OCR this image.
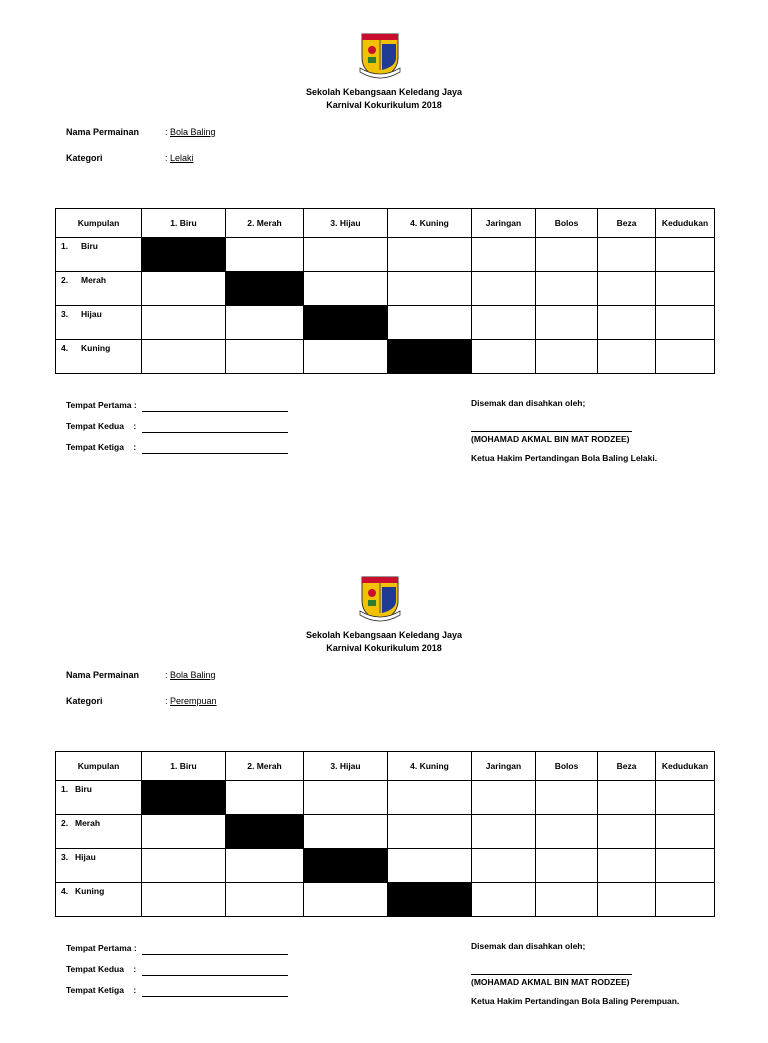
Sekolah Kebangsaan Keledang Jaya
Karnival Kokurikulum 2018
Nama Permainan	: Bola Baling
Kategori	: Lelaki
Kumpulan	1. Biru	2. Merah	3. Hijau	4. Kuning	Jaringan	Bolos	Beza	Kedudukan
1. Biru								
2. Merah								
3. Hijau								
4. Kuning								
Tempat Pertama :
Tempat Kedua    :
Tempat Ketiga    :
Disemak dan disahkan oleh;
(MOHAMAD AKMAL BIN MAT RODZEE)
Ketua Hakim Pertandingan Bola Baling Lelaki.
Sekolah Kebangsaan Keledang Jaya
Karnival Kokurikulum 2018
Nama Permainan	: Bola Baling
Kategori	: Perempuan
Kumpulan	1. Biru	2. Merah	3. Hijau	4. Kuning	Jaringan	Bolos	Beza	Kedudukan
1. Biru								
2. Merah								
3. Hijau								
4. Kuning								
Tempat Pertama :
Tempat Kedua    :
Tempat Ketiga    :
Disemak dan disahkan oleh;
(MOHAMAD AKMAL BIN MAT RODZEE)
Ketua Hakim Pertandingan Bola Baling Perempuan.
